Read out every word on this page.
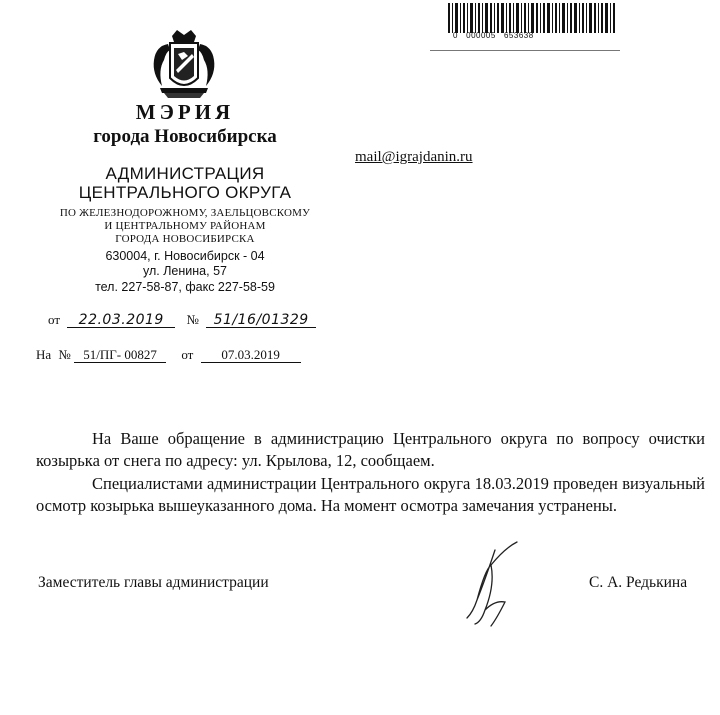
0   000005   653638
МЭРИЯ
города Новосибирска
АДМИНИСТРАЦИЯ
ЦЕНТРАЛЬНОГО ОКРУГА
ПО ЖЕЛЕЗНОДОРОЖНОМУ, ЗАЕЛЬЦОВСКОМУ
И ЦЕНТРАЛЬНОМУ РАЙОНАМ
ГОРОДА НОВОСИБИРСКА
630004, г. Новосибирск - 04
ул. Ленина, 57
тел. 227-58-87, факс 227-58-59
mail@igrajdanin.ru
от 22.03.2019 № 51/16/01329
На № 51/ПГ- 00827 от 07.03.2019
На Ваше обращение в администрацию Центрального округа по вопросу очистки козырька от снега по адресу: ул. Крылова, 12, сообщаем.
Специалистами администрации Центрального округа 18.03.2019 проведен визуальный осмотр козырька вышеуказанного дома. На момент осмотра замечания устранены.
Заместитель главы администрации	С. А. Редькина
